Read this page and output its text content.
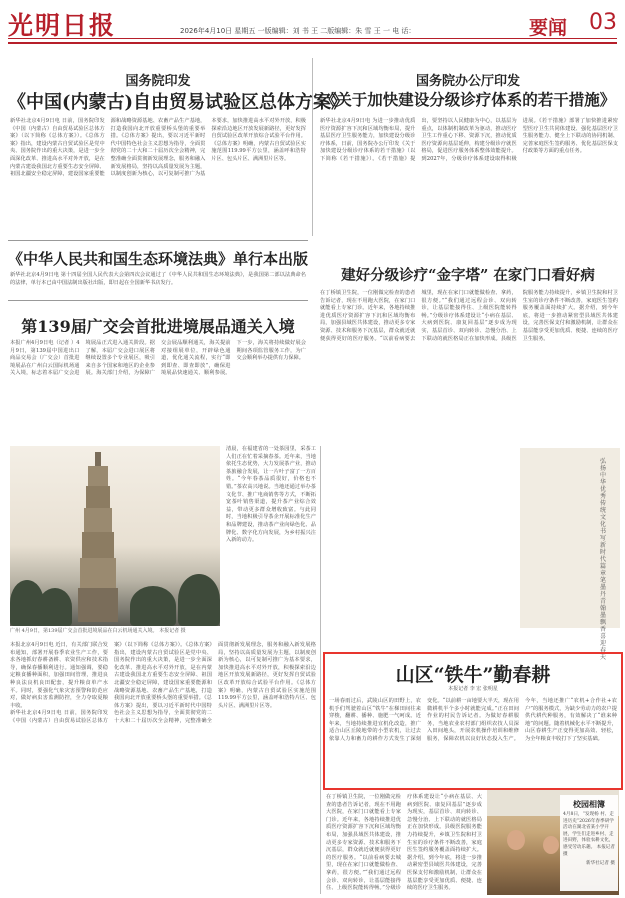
光明日报	2026年4月10日 星期五 一版编辑：刘 书 王 二版编辑：朱 雪 王 一 电 话：	要闻 03
国务院印发
《中国(内蒙古)自由贸易试验区总体方案》
新华社北京4月9日电 日前，国务院印发《中国（内蒙古）自由贸易试验区总体方案》（以下简称《总体方案》）。《总体方案》指出，建设内蒙古自贸试验区是党中央、国务院作出的重大决策，是进一步全面深化改革、推进高水平对外开放，是在内蒙古建设我国北方重要生态安全屏障、祖国北疆安全稳定屏障，建设国家重要能源和战略资源基地、农畜产品生产基地，打造我国向北开放重要桥头堡的重要举措。《总体方案》提出，要以习近平新时代中国特色社会主义思想为指导，全面贯彻党的二十大和二十届历次全会精神，完整准确全面贯彻新发展理念，服务和融入新发展格局，坚持以高质量发展为主题，以制度创新为核心，以可复制可推广为基本要求，加快推进高水平对外开放，积极探索沿边地区开放发展新路径，更好发挥自贸试验区改革开放综合试验平台作用。《总体方案》明确，内蒙古自贸试验区实施范围119.99平方公里，涵盖呼和浩特片区、包头片区、满洲里片区等。
国务院办公厅印发
《关于加快建设分级诊疗体系的若干措施》
新华社北京4月9日电 为进一步推动优质医疗资源扩容下沉和区域均衡布局，提升基层医疗卫生服务能力，加快建设分级诊疗体系，日前，国务院办公厅印发《关于加快建设分级诊疗体系的若干措施》（以下简称《若干措施》）。《若干措施》提出，要坚持以人民健康为中心，以基层为重点，以体制机制改革为驱动，推动医疗卫生工作重心下移、资源下沉，推动优质医疗资源向基层延伸，构建分级诊疗就医格局，促进医疗服务体系整体效能提升。到2027年，分级诊疗体系建设取得积极进展。《若干措施》部署了加快推进紧密型医疗卫生共同体建设、强化基层医疗卫生服务能力、健全上下联动的协同机制、完善家庭医生签约服务、优化基层医保支付政策等方面的重点任务。
《中华人民共和国生态环境法典》单行本出版
新华社北京4月9日电 第十四届全国人民代表大会第四次会议通过了《中华人民共和国生态环境法典》，是我国第二部以法典命名的法律，单行本已由中国法制出版社出版，即日起在全国新华书店发行。	建好分级诊疗“金字塔” 在家门口看好病
在丁桥镇卫生院，一位刚做完检查的患者告诉记者，现在不用跑大医院，在家门口就能看上专家门诊。近年来，各地持续推进优质医疗资源扩容下沉和区域均衡布局，加强县域医共体建设，推动更多专家资源、技术和服务下沉基层，群众就近就便获得更好的医疗服务。“以前看病要去城里，现在在家门口就能做检查、拿药，很方便。”“我们通过远程会诊、双向转诊，让基层能接得住、上级医院能转得畅。”分级诊疗体系建设让“小病在基层、大病到医院、康复回基层”逐步成为现实，基层首诊、双向转诊、急慢分治、上下联动的就医格局正在加快形成。县级医院服务能力持续提升，乡镇卫生院和村卫生室的诊疗条件不断改善，家庭医生签约服务覆盖面持续扩大。据介绍，到今年底，将进一步推动紧密型县域医共体建设，完善医保支付和激励机制，让群众在基层能享受更加优质、便捷、连续的医疗卫生服务。
第139届广交会首批进境展品通关入境
本报广州4月9日电（记者 ）4月9日，第139届中国进出口商品交易会（广交会）首批进境展品在广州白云国际机场通关入境，标志着本届广交会进境展品正式进入通关阶段。据了解，本届广交会进口展区将继续设置多个专业展区，吸引来自多个国家和地区的企业参展。海关部门介绍，为保障广交会展品顺利通关，海关提前对接组展单位，开辟绿色通道，优化通关流程，实行“即到即查、即查即放”，确保进境展品快速通关、顺利参展。下一步，海关将持续做好展会期间各项监管服务工作，为广交会顺利举办提供有力保障。
广州 4月9日，第139届广交会首批进境展品在白云机场通关入境。 本报记者 摄
清晨，在福建省的一处茶园里，采茶工人们正在忙着采摘春茶。近年来，当地依托生态优势，大力发展茶产业，推动茶旅融合发展，让一片叶子富了一方百姓。“今年春茶品质很好，价格也不错。”茶农高兴地说。当地还通过举办茶文化节、推广电商销售等方式，不断拓宽茶叶销售渠道，提升茶产业综合效益，带动更多群众增收致富。与此同时，当地积极引导茶企开展标准化生产和品牌建设，推动茶产业向绿色化、品牌化、数字化方向发展，为乡村振兴注入新的动力。
弘扬中华优秀传统文化 书写新时代篇章 笔墨丹青 翰墨飘香 喜迎春天
本报北京4月9日电 近日，有关部门联合发布通知，部署开展春季农业生产工作，要求各地抓好春耕备耕、农资供应和技术指导，确保春播顺利进行。通知强调，要稳定粮食播种面积，加强田间管理，推进良种良法良机良田配套，提升粮食单产水平。同时，要强化气象灾害预警和防范应对，做好病虫害监测防控，全力夺取夏粮丰收。
新华社北京4月9日电 日前，国务院印发《中国（内蒙古）自由贸易试验区总体方案》（以下简称《总体方案》）。《总体方案》指出，建设内蒙古自贸试验区是党中央、国务院作出的重大决策，是进一步全面深化改革、推进高水平对外开放，是在内蒙古建设我国北方重要生态安全屏障、祖国北疆安全稳定屏障，建设国家重要能源和战略资源基地、农畜产品生产基地，打造我国向北开放重要桥头堡的重要举措。《总体方案》提出，要以习近平新时代中国特色社会主义思想为指导，全面贯彻党的二十大和二十届历次全会精神，完整准确全面贯彻新发展理念，服务和融入新发展格局，坚持以高质量发展为主题，以制度创新为核心，以可复制可推广为基本要求，加快推进高水平对外开放，积极探索沿边地区开放发展新路径，更好发挥自贸试验区改革开放综合试验平台作用。《总体方案》明确，内蒙古自贸试验区实施范围119.99平方公里，涵盖呼和浩特片区、包头片区、满洲里片区等。
山区“铁牛”勤春耕
本报记者 李 宏 张明星
一场春雨过后，武陵山区的田野上，农机手们驾驶着山区“铁牛”在梯田间往来穿梭，翻耕、播种、施肥一气呵成。近年来，当地持续推进宜机化改造，推广适合山区丘陵地带的小型农机，让过去依靠人力和畜力的耕作方式发生了深刻变化。“以前耕一亩地要大半天，现在用微耕机半个多小时就能完成。”正在田间作业的村民告诉记者。为做好春耕服务，当地农业农村部门组织农技人员深入田间地头，开展农机操作培训和维修服务，保障农机以良好状态投入生产。今年，当地还推广“农机+合作社+农户”的服务模式，为缺少劳动力的农户提供代耕代种服务，有效解决了“谁来种地”的问题。随着机械化水平不断提升，山区春耕生产正变得更加高效、轻松，为全年粮食丰收打下了坚实基础。
在丁桥镇卫生院，一位刚做完检查的患者告诉记者，现在不用跑大医院，在家门口就能看上专家门诊。近年来，各地持续推进优质医疗资源扩容下沉和区域均衡布局，加强县域医共体建设，推动更多专家资源、技术和服务下沉基层，群众就近就便获得更好的医疗服务。“以前看病要去城里，现在在家门口就能做检查、拿药，很方便。”“我们通过远程会诊、双向转诊，让基层能接得住、上级医院能转得畅。”分级诊疗体系建设让“小病在基层、大病到医院、康复回基层”逐步成为现实，基层首诊、双向转诊、急慢分治、上下联动的就医格局正在加快形成。县级医院服务能力持续提升，乡镇卫生院和村卫生室的诊疗条件不断改善，家庭医生签约服务覆盖面持续扩大。据介绍，到今年底，将进一步推动紧密型县域医共体建设，完善医保支付和激励机制，让群众在基层能享受更加优质、便捷、连续的医疗卫生服务。
校园相簿
4月8日，“发现杨 村、走进历史”2026年春季研学活动在湖北省某小学开展，学生们走进乡村、走进田野，体验农耕文化，感受劳动乐趣。 本报记者 摄
新华社记者 摄
